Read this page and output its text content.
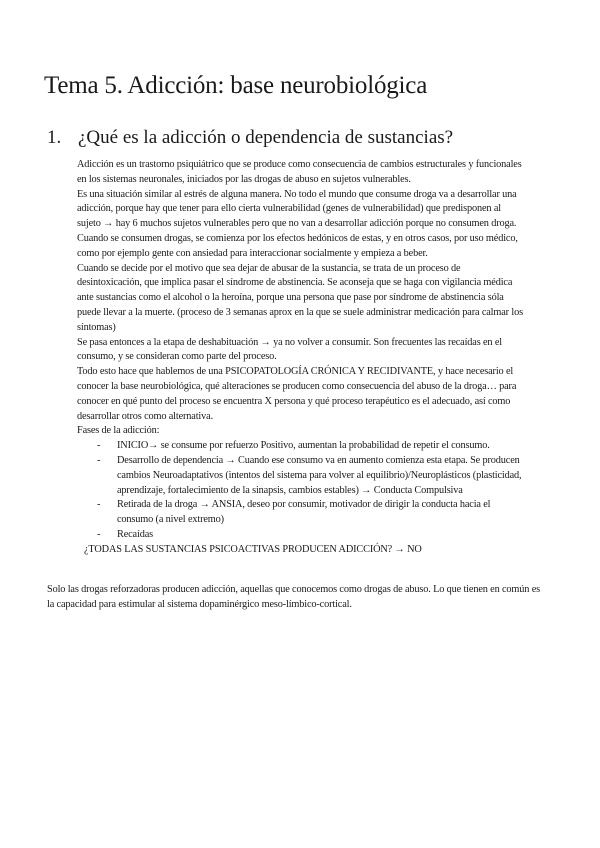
Tema 5. Adicción: base neurobiológica
1. ¿Qué es la adicción o dependencia de sustancias?

Adicción es un trastorno psiquiátrico que se produce como consecuencia de cambios estructurales y funcionales en los sistemas neuronales, iniciados por las drogas de abuso en sujetos vulnerables.

Es una situación similar al estrés de alguna manera. No todo el mundo que consume droga va a desarrollar una adicción, porque hay que tener para ello cierta vulnerabilidad (genes de vulnerabilidad) que predisponen al sujeto → hay 6 muchos sujetos vulnerables pero que no van a desarrollar adicción porque no consumen droga.

Cuando se consumen drogas, se comienza por los efectos hedónicos de estas, y en otros casos, por uso médico, como por ejemplo gente con ansiedad para interaccionar socialmente y empieza a beber.

Cuando se decide por el motivo que sea dejar de abusar de la sustancia, se trata de un proceso de desintoxicación, que implica pasar el síndrome de abstinencia. Se aconseja que se haga con vigilancia médica ante sustancias como el alcohol o la heroína, porque una persona que pase por síndrome de abstinencia sóla puede llevar a la muerte. (proceso de 3 semanas aprox en la que se suele administrar medicación para calmar los síntomas)

Se pasa entonces a la etapa de deshabituación → ya no volver a consumir. Son frecuentes las recaídas en el consumo, y se consideran como parte del proceso.

Todo esto hace que hablemos de una PSICOPATOLOGÍA CRÓNICA Y RECIDIVANTE, y hace necesario el conocer la base neurobiológica, qué alteraciones se producen como consecuencia del abuso de la droga… para conocer en qué punto del proceso se encuentra X persona y qué proceso terapéutico es el adecuado, así como desarrollar otros como alternativa.

Fases de la adicción:

- INICIO→ se consume por refuerzo Positivo, aumentan la probabilidad de repetir el consumo.
- Desarrollo de dependencia → Cuando ese consumo va en aumento comienza esta etapa. Se producen cambios Neuroadaptativos (intentos del sistema para volver al equilibrio)/Neuroplásticos (plasticidad, aprendizaje, fortalecimiento de la sinapsis, cambios estables) → Conducta Compulsiva
- Retirada de la droga → ANSIA, deseo por consumir, motivador de dirigir la conducta hacia el consumo (a nivel extremo)
- Recaídas

¿TODAS LAS SUSTANCIAS PSICOACTIVAS PRODUCEN ADICCIÓN? → NO

Solo las drogas reforzadoras producen adicción, aquellas que conocemos como drogas de abuso. Lo que tienen en común es la capacidad para estimular al sistema dopaminérgico meso-límbico-cortical.
